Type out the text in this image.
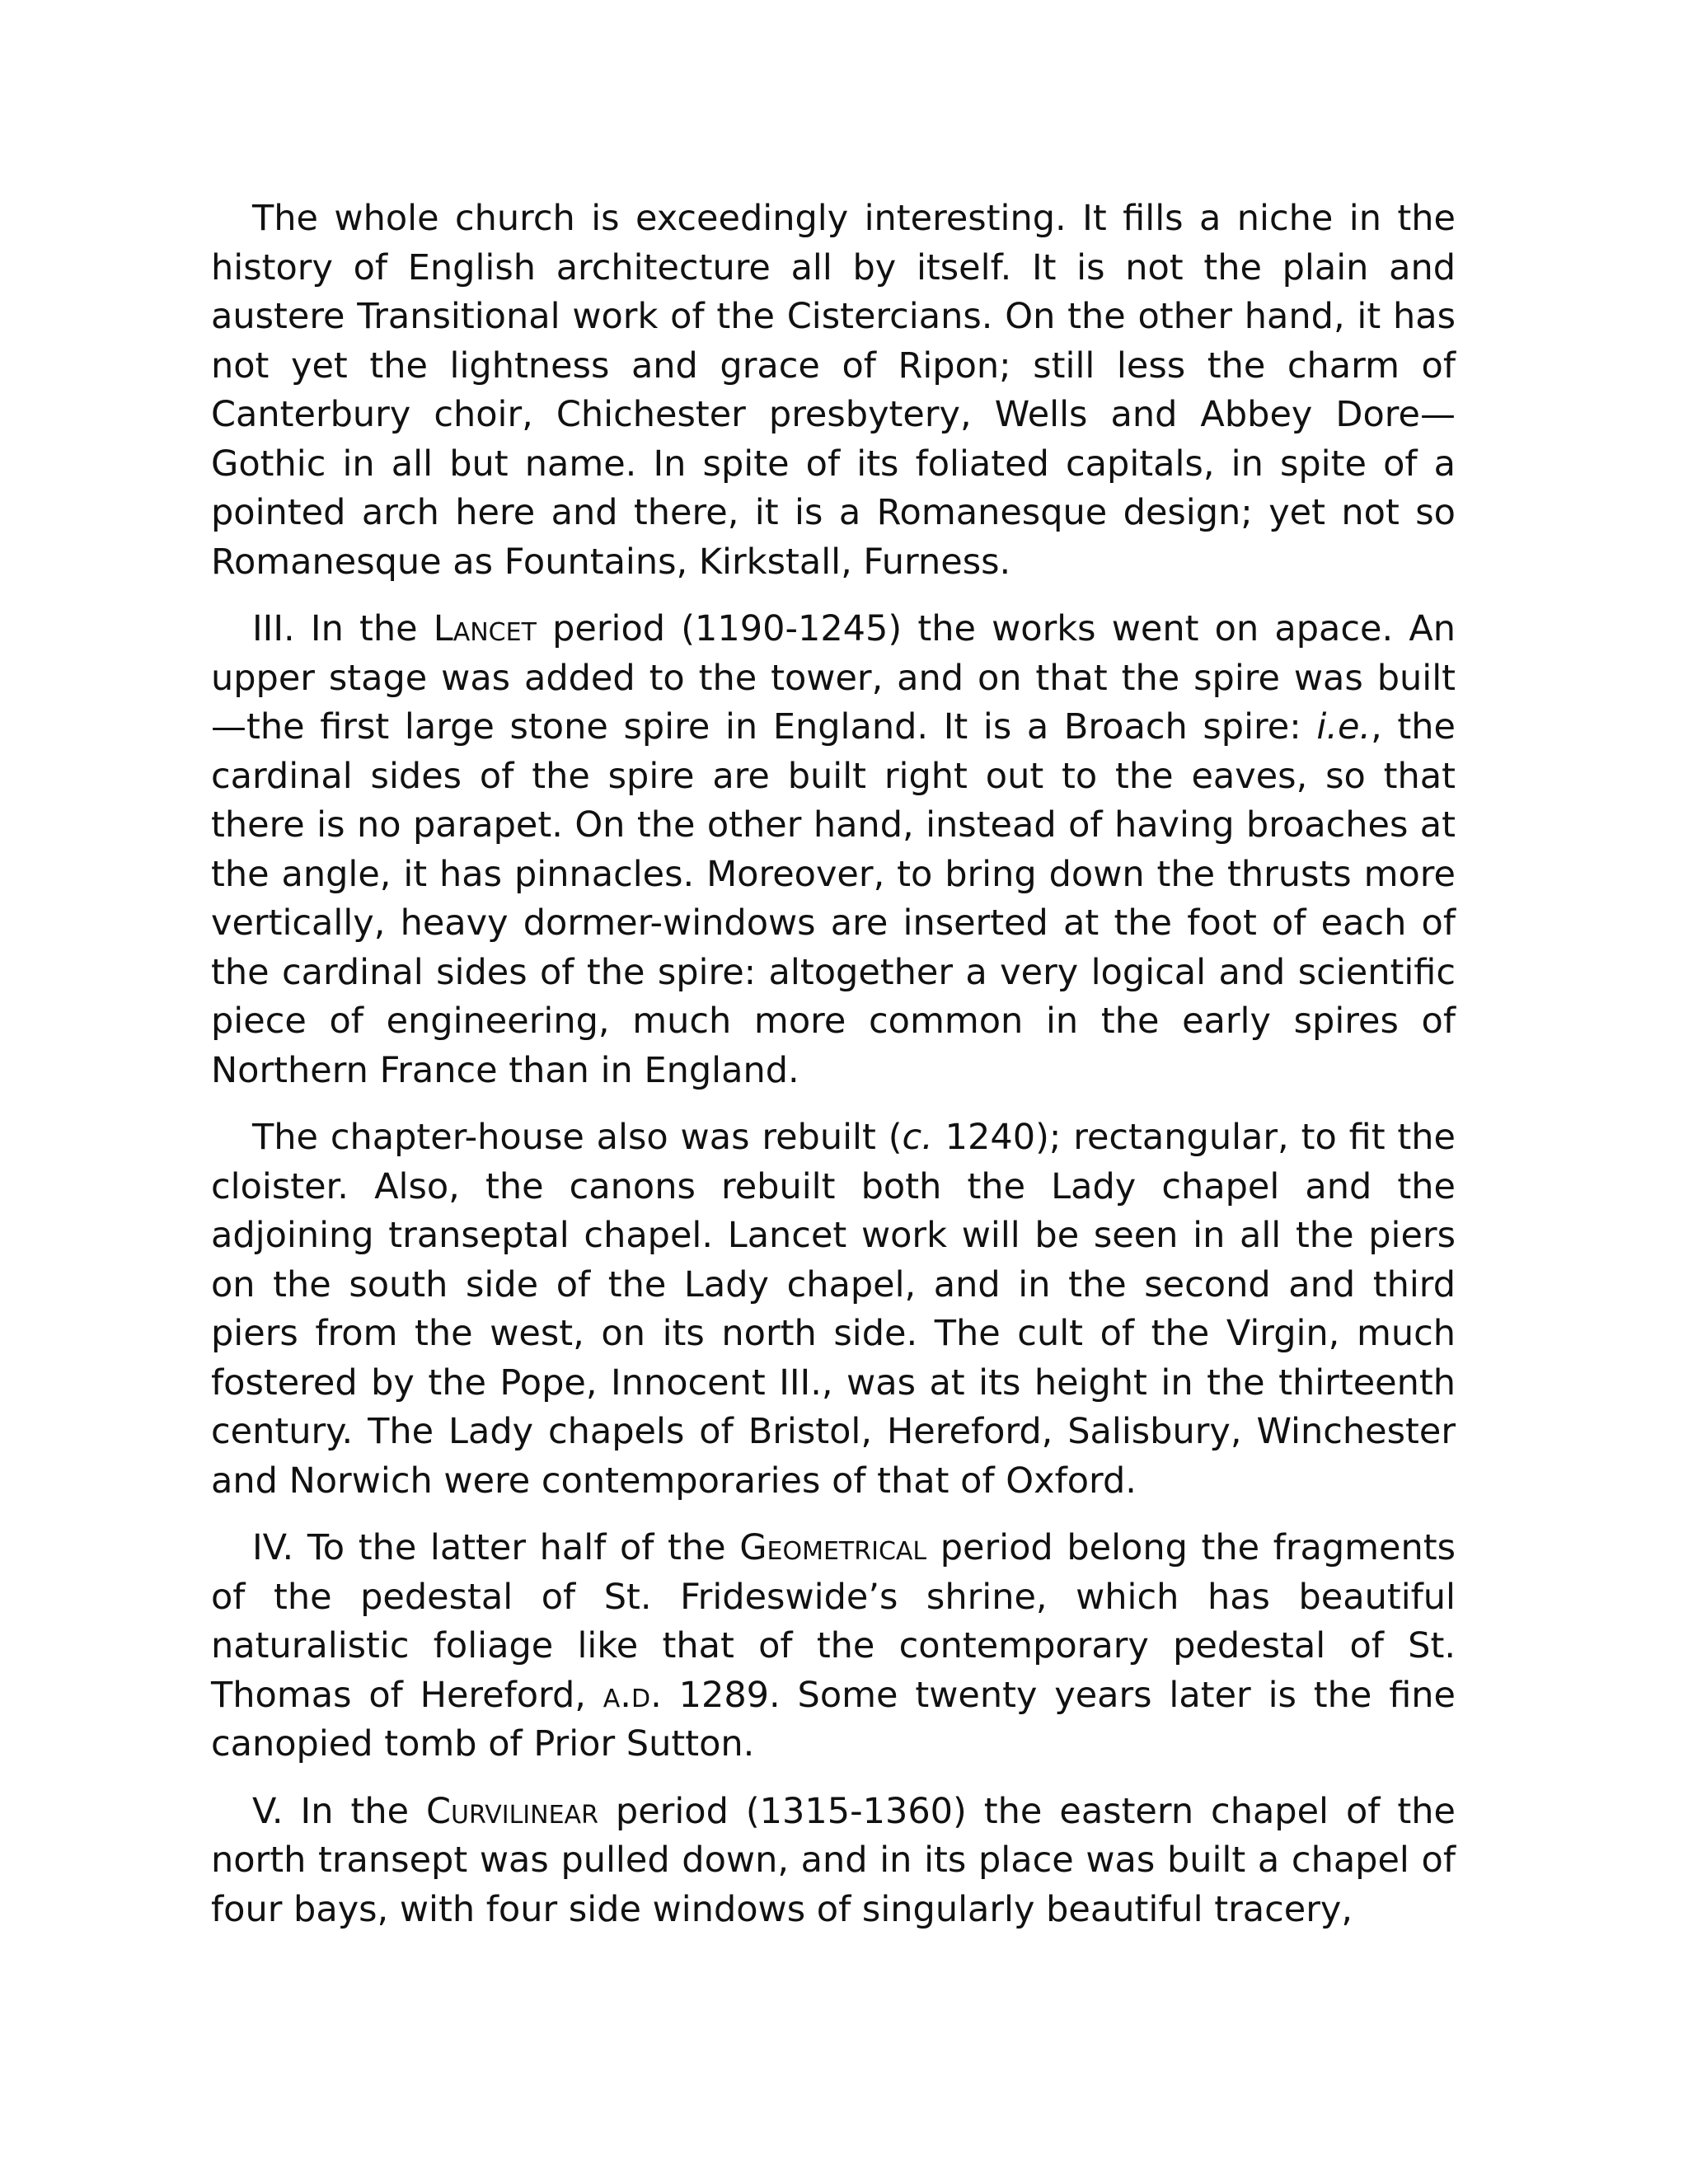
The whole church is exceedingly interesting. It fills a niche in the history of English architecture all by itself. It is not the plain and austere Transitional work of the Cistercians. On the other hand, it has not yet the lightness and grace of Ripon; still less the charm of Canterbury choir, Chichester presbytery, Wells and Abbey Dore—Gothic in all but name. In spite of its foliated capitals, in spite of a pointed arch here and there, it is a Romanesque design; yet not so Romanesque as Fountains, Kirkstall, Furness.

III. In the Lancet period (1190-1245) the works went on apace. An upper stage was added to the tower, and on that the spire was built —the first large stone spire in England. It is a Broach spire: i.e., the cardinal sides of the spire are built right out to the eaves, so that there is no parapet. On the other hand, instead of having broaches at the angle, it has pinnacles. Moreover, to bring down the thrusts more vertically, heavy dormer-windows are inserted at the foot of each of the cardinal sides of the spire: altogether a very logical and scientific piece of engineering, much more common in the early spires of Northern France than in England.

The chapter-house also was rebuilt (c. 1240); rectangular, to fit the cloister. Also, the canons rebuilt both the Lady chapel and the adjoining transeptal chapel. Lancet work will be seen in all the piers on the south side of the Lady chapel, and in the second and third piers from the west, on its north side. The cult of the Virgin, much fostered by the Pope, Innocent III., was at its height in the thirteenth century. The Lady chapels of Bristol, Hereford, Salisbury, Winchester and Norwich were contemporaries of that of Oxford.

IV. To the latter half of the Geometrical period belong the fragments of the pedestal of St. Frideswide’s shrine, which has beautiful naturalistic foliage like that of the contemporary pedestal of St. Thomas of Hereford, a.d. 1289. Some twenty years later is the fine canopied tomb of Prior Sutton.

V. In the Curvilinear period (1315-1360) the eastern chapel of the north transept was pulled down, and in its place was built a chapel of four bays, with four side windows of singularly beautiful tracery,
